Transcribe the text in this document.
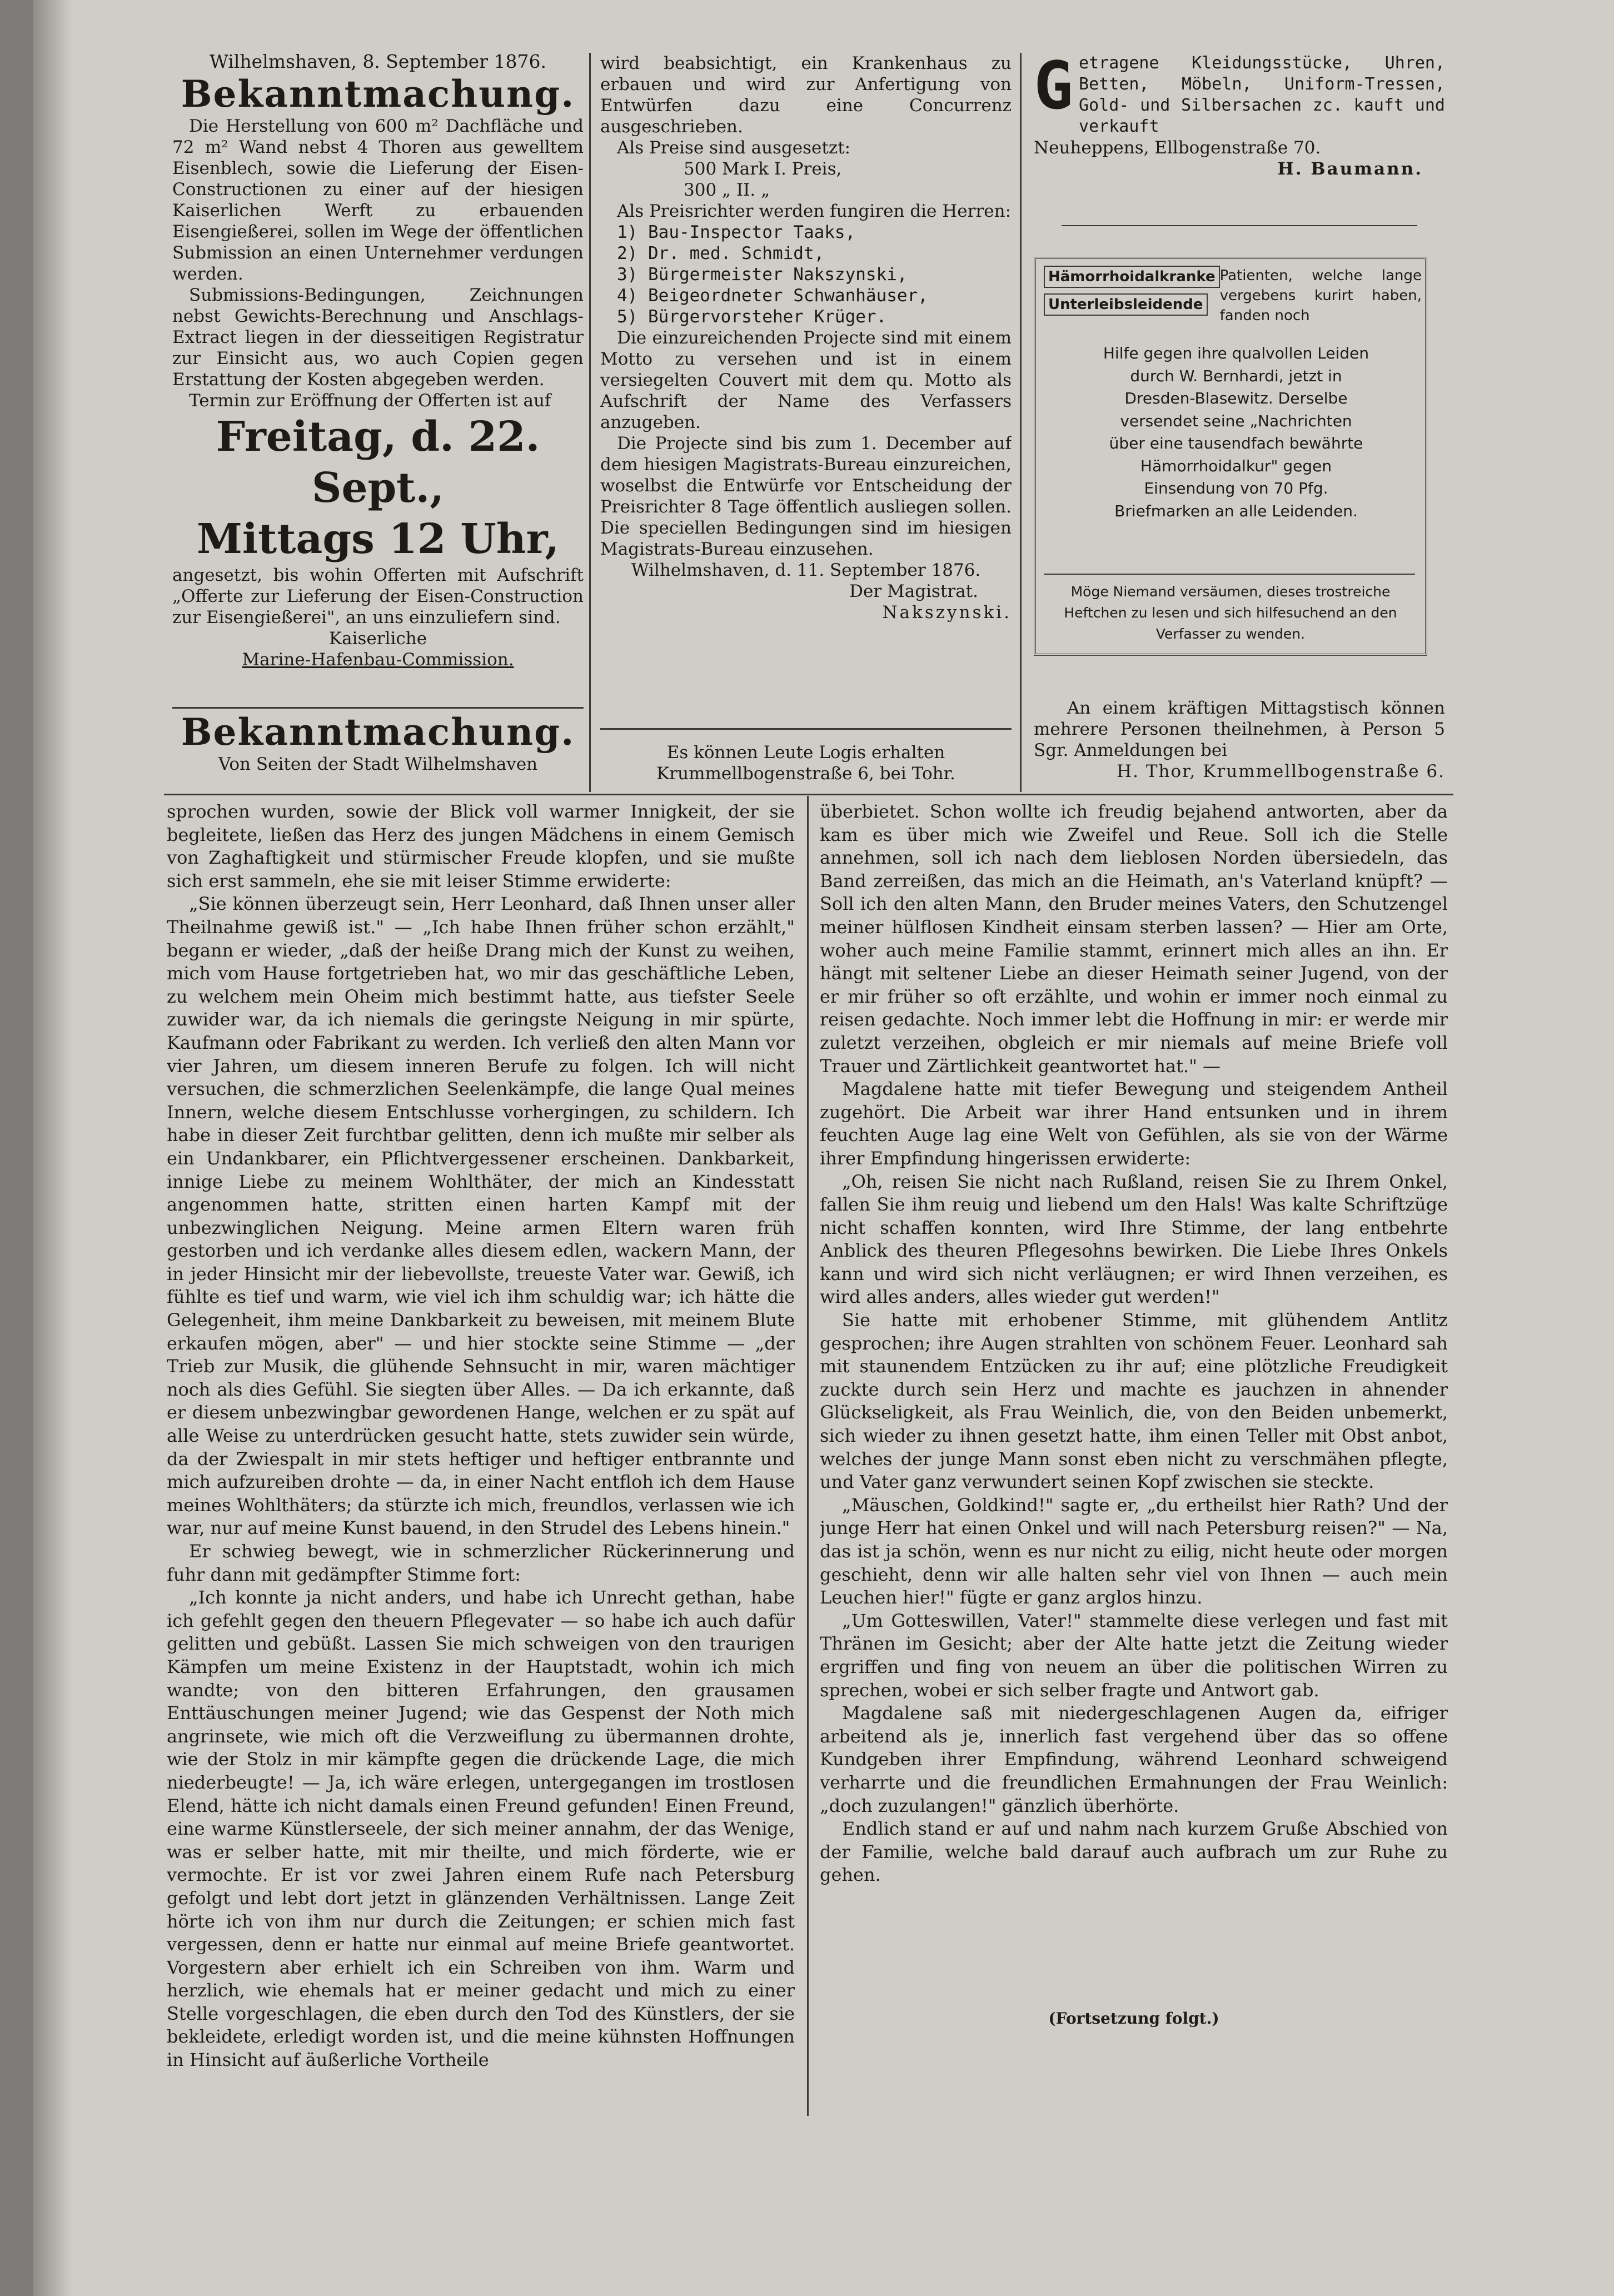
Wilhelmshaven, 8. September 1876.

Bekanntmachung.

Die Herstellung von 600 m² Dachfläche und 72 m² Wand nebst 4 Thoren aus gewelltem Eisenblech, sowie die Lieferung der Eisen-Constructionen zu einer auf der hiesigen Kaiserlichen Werft zu erbauenden Eisengießerei, sollen im Wege der öffentlichen Submission an einen Unternehmer verdungen werden.

Submissions-Bedingungen, Zeichnungen nebst Gewichts-Berechnung und Anschlags-Extract liegen in der diesseitigen Registratur zur Einsicht aus, wo auch Copien gegen Erstattung der Kosten abgegeben werden.

Termin zur Eröffnung der Offerten ist auf

Freitag, d. 22. Sept.,

Mittags 12 Uhr,

angesetzt, bis wohin Offerten mit Aufschrift „Offerte zur Lieferung der Eisen-Construction zur Eisengießerei", an uns einzuliefern sind.

Kaiserliche

Marine-Hafenbau-Commission.

Bekanntmachung.

Von Seiten der Stadt Wilhelmshaven

wird beabsichtigt, ein Krankenhaus zu erbauen und wird zur Anfertigung von Entwürfen dazu eine Concurrenz ausgeschrieben.

Als Preise sind ausgesetzt:

500 Mark I. Preis,

300 „ II. „

Als Preisrichter werden fungiren die Herren:

1) Bau-Inspector Taaks,

2) Dr. med. Schmidt,

3) Bürgermeister Nakszynski,

4) Beigeordneter Schwanhäuser,

5) Bürgervorsteher Krüger.

Die einzureichenden Projecte sind mit einem Motto zu versehen und ist in einem versiegelten Couvert mit dem qu. Motto als Aufschrift der Name des Verfassers anzugeben.

Die Projecte sind bis zum 1. December auf dem hiesigen Magistrats-Bureau einzureichen, woselbst die Entwürfe vor Entscheidung der Preisrichter 8 Tage öffentlich ausliegen sollen. Die speciellen Bedingungen sind im hiesigen Magistrats-Bureau einzusehen.

Wilhelmshaven, d. 11. September 1876.

Der Magistrat.

Nakszynski.

Es können Leute Logis erhalten Krummellbogenstraße 6, bei Tohr.

G etragene Kleidungsstücke, Uhren, Betten, Möbeln, Uniform-Tressen, Gold- und Silbersachen zc. kauft und verkauft

Neuheppens, Ellbogenstraße 70.

H. Baumann.

Hämorrhoidalkranke
Unterleibsleidende

Patienten, welche lange vergebens kurirt haben, fanden noch

Hilfe gegen ihre qualvollen Leiden durch W. Bernhardi, jetzt in Dresden-Blasewitz. Derselbe versendet seine „Nachrichten über eine tausendfach bewährte Hämorrhoidalkur" gegen Einsendung von 70 Pfg. Briefmarken an alle Leidenden.

Möge Niemand versäumen, dieses trostreiche Heftchen zu lesen und sich hilfesuchend an den Verfasser zu wenden.

An einem kräftigen Mittagstisch können mehrere Personen theilnehmen, à Person 5 Sgr. Anmeldungen bei

H. Thor, Krummellbogenstraße 6.

sprochen wurden, sowie der Blick voll warmer Innigkeit, der sie begleitete, ließen das Herz des jungen Mädchens in einem Gemisch von Zaghaftigkeit und stürmischer Freude klopfen, und sie mußte sich erst sammeln, ehe sie mit leiser Stimme erwiderte:

„Sie können überzeugt sein, Herr Leonhard, daß Ihnen unser aller Theilnahme gewiß ist." — „Ich habe Ihnen früher schon erzählt," begann er wieder, „daß der heiße Drang mich der Kunst zu weihen, mich vom Hause fortgetrieben hat, wo mir das geschäftliche Leben, zu welchem mein Oheim mich bestimmt hatte, aus tiefster Seele zuwider war, da ich niemals die geringste Neigung in mir spürte, Kaufmann oder Fabrikant zu werden. Ich verließ den alten Mann vor vier Jahren, um diesem inneren Berufe zu folgen. Ich will nicht versuchen, die schmerzlichen Seelenkämpfe, die lange Qual meines Innern, welche diesem Entschlusse vorhergingen, zu schildern. Ich habe in dieser Zeit furchtbar gelitten, denn ich mußte mir selber als ein Undankbarer, ein Pflichtvergessener erscheinen. Dankbarkeit, innige Liebe zu meinem Wohlthäter, der mich an Kindesstatt angenommen hatte, stritten einen harten Kampf mit der unbezwinglichen Neigung. Meine armen Eltern waren früh gestorben und ich verdanke alles diesem edlen, wackern Mann, der in jeder Hinsicht mir der liebevollste, treueste Vater war. Gewiß, ich fühlte es tief und warm, wie viel ich ihm schuldig war; ich hätte die Gelegenheit, ihm meine Dankbarkeit zu beweisen, mit meinem Blute erkaufen mögen, aber" — und hier stockte seine Stimme — „der Trieb zur Musik, die glühende Sehnsucht in mir, waren mächtiger noch als dies Gefühl. Sie siegten über Alles. — Da ich erkannte, daß er diesem unbezwingbar gewordenen Hange, welchen er zu spät auf alle Weise zu unterdrücken gesucht hatte, stets zuwider sein würde, da der Zwiespalt in mir stets heftiger und heftiger entbrannte und mich aufzureiben drohte — da, in einer Nacht entfloh ich dem Hause meines Wohlthäters; da stürzte ich mich, freundlos, verlassen wie ich war, nur auf meine Kunst bauend, in den Strudel des Lebens hinein."

Er schwieg bewegt, wie in schmerzlicher Rückerinnerung und fuhr dann mit gedämpfter Stimme fort:

„Ich konnte ja nicht anders, und habe ich Unrecht gethan, habe ich gefehlt gegen den theuern Pflegevater — so habe ich auch dafür gelitten und gebüßt. Lassen Sie mich schweigen von den traurigen Kämpfen um meine Existenz in der Hauptstadt, wohin ich mich wandte; von den bitteren Erfahrungen, den grausamen Enttäuschungen meiner Jugend; wie das Gespenst der Noth mich angrinsete, wie mich oft die Verzweiflung zu übermannen drohte, wie der Stolz in mir kämpfte gegen die drückende Lage, die mich niederbeugte! — Ja, ich wäre erlegen, untergegangen im trostlosen Elend, hätte ich nicht damals einen Freund gefunden! Einen Freund, eine warme Künstlerseele, der sich meiner annahm, der das Wenige, was er selber hatte, mit mir theilte, und mich förderte, wie er vermochte. Er ist vor zwei Jahren einem Rufe nach Petersburg gefolgt und lebt dort jetzt in glänzenden Verhältnissen. Lange Zeit hörte ich von ihm nur durch die Zeitungen; er schien mich fast vergessen, denn er hatte nur einmal auf meine Briefe geantwortet. Vorgestern aber erhielt ich ein Schreiben von ihm. Warm und herzlich, wie ehemals hat er meiner gedacht und mich zu einer Stelle vorgeschlagen, die eben durch den Tod des Künstlers, der sie bekleidete, erledigt worden ist, und die meine kühnsten Hoffnungen in Hinsicht auf äußerliche Vortheile

überbietet. Schon wollte ich freudig bejahend antworten, aber da kam es über mich wie Zweifel und Reue. Soll ich die Stelle annehmen, soll ich nach dem lieblosen Norden übersiedeln, das Band zerreißen, das mich an die Heimath, an's Vaterland knüpft? — Soll ich den alten Mann, den Bruder meines Vaters, den Schutzengel meiner hülflosen Kindheit einsam sterben lassen? — Hier am Orte, woher auch meine Familie stammt, erinnert mich alles an ihn. Er hängt mit seltener Liebe an dieser Heimath seiner Jugend, von der er mir früher so oft erzählte, und wohin er immer noch einmal zu reisen gedachte. Noch immer lebt die Hoffnung in mir: er werde mir zuletzt verzeihen, obgleich er mir niemals auf meine Briefe voll Trauer und Zärtlichkeit geantwortet hat." —

Magdalene hatte mit tiefer Bewegung und steigendem Antheil zugehört. Die Arbeit war ihrer Hand entsunken und in ihrem feuchten Auge lag eine Welt von Gefühlen, als sie von der Wärme ihrer Empfindung hingerissen erwiderte:

„Oh, reisen Sie nicht nach Rußland, reisen Sie zu Ihrem Onkel, fallen Sie ihm reuig und liebend um den Hals! Was kalte Schriftzüge nicht schaffen konnten, wird Ihre Stimme, der lang entbehrte Anblick des theuren Pflegesohns bewirken. Die Liebe Ihres Onkels kann und wird sich nicht verläugnen; er wird Ihnen verzeihen, es wird alles anders, alles wieder gut werden!"

Sie hatte mit erhobener Stimme, mit glühendem Antlitz gesprochen; ihre Augen strahlten von schönem Feuer. Leonhard sah mit staunendem Entzücken zu ihr auf; eine plötzliche Freudigkeit zuckte durch sein Herz und machte es jauchzen in ahnender Glückseligkeit, als Frau Weinlich, die, von den Beiden unbemerkt, sich wieder zu ihnen gesetzt hatte, ihm einen Teller mit Obst anbot, welches der junge Mann sonst eben nicht zu verschmähen pflegte, und Vater ganz verwundert seinen Kopf zwischen sie steckte.

„Mäuschen, Goldkind!" sagte er, „du ertheilst hier Rath? Und der junge Herr hat einen Onkel und will nach Petersburg reisen?" — Na, das ist ja schön, wenn es nur nicht zu eilig, nicht heute oder morgen geschieht, denn wir alle halten sehr viel von Ihnen — auch mein Leuchen hier!" fügte er ganz arglos hinzu.

„Um Gotteswillen, Vater!" stammelte diese verlegen und fast mit Thränen im Gesicht; aber der Alte hatte jetzt die Zeitung wieder ergriffen und fing von neuem an über die politischen Wirren zu sprechen, wobei er sich selber fragte und Antwort gab.

Magdalene saß mit niedergeschlagenen Augen da, eifriger arbeitend als je, innerlich fast vergehend über das so offene Kundgeben ihrer Empfindung, während Leonhard schweigend verharrte und die freundlichen Ermahnungen der Frau Weinlich: „doch zuzulangen!" gänzlich überhörte.

Endlich stand er auf und nahm nach kurzem Gruße Abschied von der Familie, welche bald darauf auch aufbrach um zur Ruhe zu gehen.

(Fortsetzung folgt.)
